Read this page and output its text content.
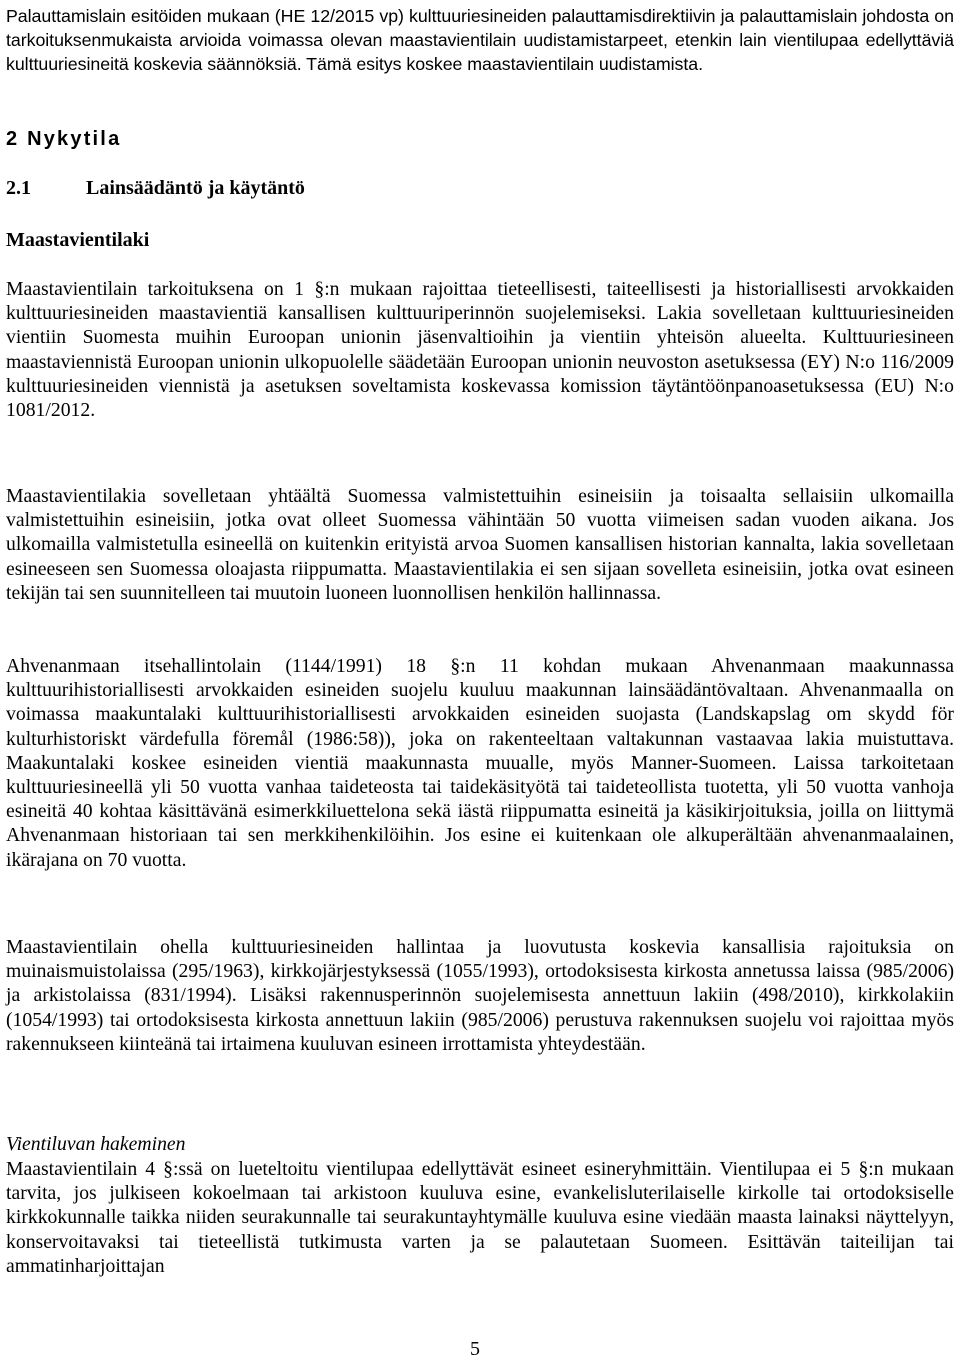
Palauttamislain esitöiden mukaan (HE 12/2015 vp) kulttuuriesineiden palauttamisdirektiivin ja palauttamislain johdosta on tarkoituksenmukaista arvioida voimassa olevan maastavientilain uudistamistarpeet, etenkin lain vientilupaa edellyttäviä kulttuuriesineitä koskevia säännöksiä. Tämä esitys koskee maastavientilain uudistamista.

2 Nykytila

2.1	Lainsäädäntö ja käytäntö

Maastavientilaki

Maastavientilain tarkoituksena on 1 §:n mukaan rajoittaa tieteellisesti, taiteellisesti ja historiallisesti arvokkaiden kulttuuriesineiden maastavientiä kansallisen kulttuuriperinnön suojelemiseksi. Lakia sovelletaan kulttuuriesineiden vientiin Suomesta muihin Euroopan unionin jäsenvaltioihin ja vientiin yhteisön alueelta. Kulttuuriesineen maastaviennistä Euroopan unionin ulkopuolelle säädetään Euroopan unionin neuvoston asetuksessa (EY) N:o 116/2009 kulttuuriesineiden viennistä ja asetuksen soveltamista koskevassa komission täytäntöönpanoasetuksessa (EU) N:o 1081/2012.

Maastavientilakia sovelletaan yhtäältä Suomessa valmistettuihin esineisiin ja toisaalta sellaisiin ulkomailla valmistettuihin esineisiin, jotka ovat olleet Suomessa vähintään 50 vuotta viimeisen sadan vuoden aikana. Jos ulkomailla valmistetulla esineellä on kuitenkin erityistä arvoa Suomen kansallisen historian kannalta, lakia sovelletaan esineeseen sen Suomessa oloajasta riippumatta. Maastavientilakia ei sen sijaan sovelleta esineisiin, jotka ovat esineen tekijän tai sen suunnitelleen tai muutoin luoneen luonnollisen henkilön hallinnassa.

Ahvenanmaan itsehallintolain (1144/1991) 18 §:n 11 kohdan mukaan Ahvenanmaan maakunnassa kulttuurihistoriallisesti arvokkaiden esineiden suojelu kuuluu maakunnan lainsäädäntövaltaan. Ahvenanmaalla on voimassa maakuntalaki kulttuurihistoriallisesti arvokkaiden esineiden suojasta (Landskapslag om skydd för kulturhistoriskt värdefulla föremål (1986:58)), joka on rakenteeltaan valtakunnan vastaavaa lakia muistuttava. Maakuntalaki koskee esineiden vientiä maakunnasta muualle, myös Manner-Suomeen. Laissa tarkoitetaan kulttuuriesineellä yli 50 vuotta vanhaa taideteosta tai taidekäsityötä tai taideteollista tuotetta, yli 50 vuotta vanhoja esineitä 40 kohtaa käsittävänä esimerkkiluettelona sekä iästä riippumatta esineitä ja käsikirjoituksia, joilla on liittymä Ahvenanmaan historiaan tai sen merkkihenkilöihin. Jos esine ei kuitenkaan ole alkuperältään ahvenanmaalainen, ikärajana on 70 vuotta.

Maastavientilain ohella kulttuuriesineiden hallintaa ja luovutusta koskevia kansallisia rajoituksia on muinaismuistolaissa (295/1963), kirkkojärjestyksessä (1055/1993), ortodoksisesta kirkosta annetussa laissa (985/2006) ja arkistolaissa (831/1994). Lisäksi rakennusperinnön suojelemisesta annettuun lakiin (498/2010), kirkkolakiin (1054/1993) tai ortodoksisesta kirkosta annettuun lakiin (985/2006) perustuva rakennuksen suojelu voi rajoittaa myös rakennukseen kiinteänä tai irtaimena kuuluvan esineen irrottamista yhteydestään.

Vientiluvan hakeminen

Maastavientilain 4 §:ssä on lueteltoitu vientilupaa edellyttävät esineet esineryhmittäin. Vientilupaa ei 5 §:n mukaan tarvita, jos julkiseen kokoelmaan tai arkistoon kuuluva esine, evankelisluterilaiselle kirkolle tai ortodoksiselle kirkkokunnalle taikka niiden seurakunnalle tai seurakuntayhtymälle kuuluva esine viedään maasta lainaksi näyttelyyn, konservoitavaksi tai tieteellistä tutkimusta varten ja se palautetaan Suomeen. Esittävän taiteilijan tai ammatinharjoittajan

5
